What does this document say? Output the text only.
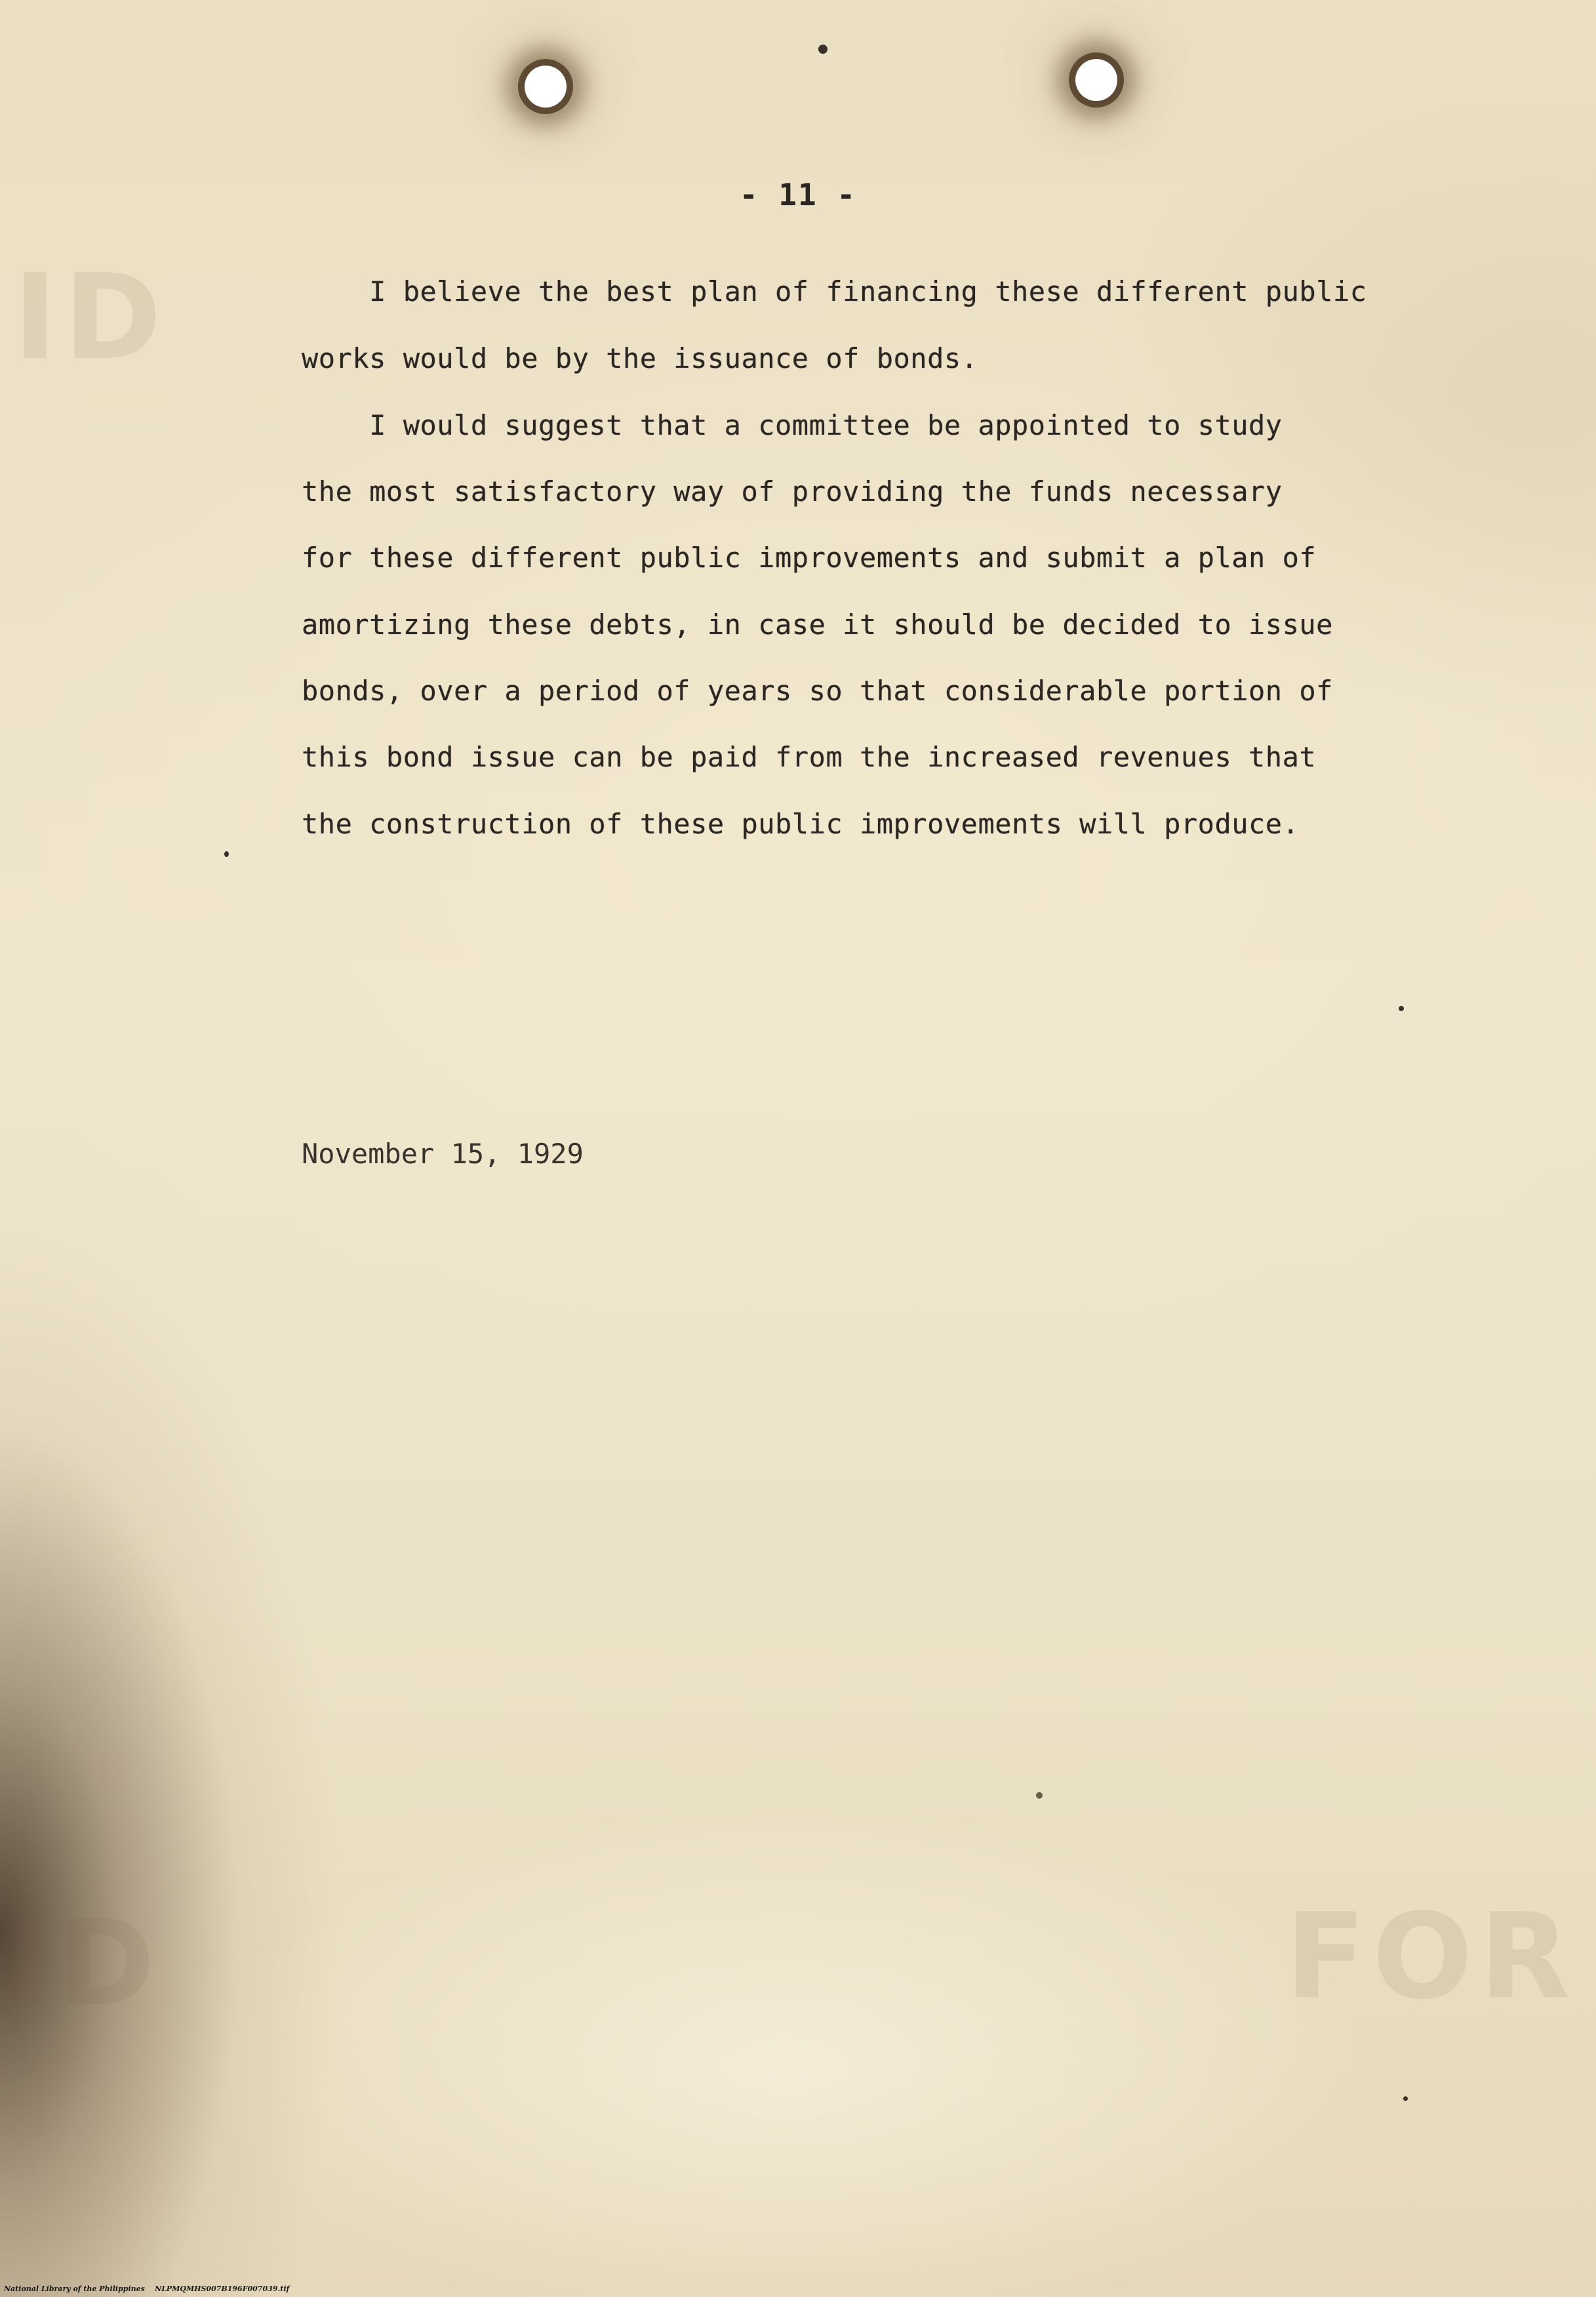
ID
ID	FOR
- 11 -
I believe the best plan of financing these different public
works would be by the issuance of bonds.
I would suggest that a committee be appointed to study
the most satisfactory way of providing the funds necessary
for these different public improvements and submit a plan of
amortizing these debts, in case it should be decided to issue
bonds, over a period of years so that considerable portion of
this bond issue can be paid from the increased revenues that
the construction of these public improvements will produce.
November 15, 1929
National Library of the Philippines    NLPMQMHS007B196F007039.tif
